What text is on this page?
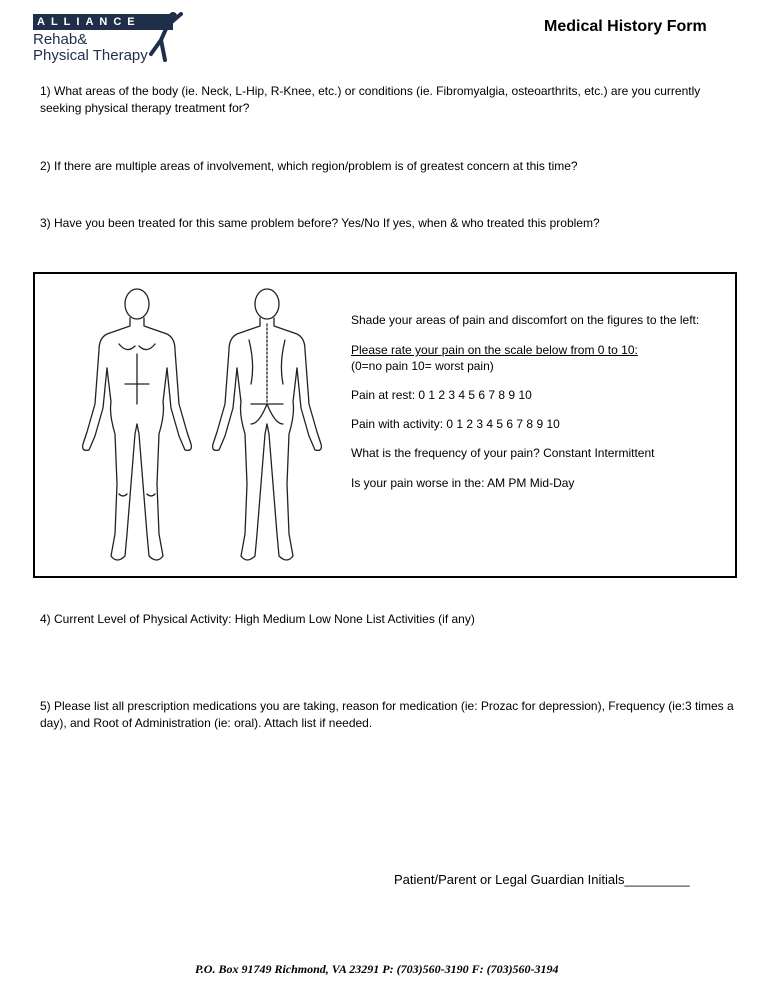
ALLIANCE
Rehab&
Physical Therapy
Medical History Form
1) What areas of the body (ie. Neck, L-Hip, R-Knee, etc.) or conditions (ie. Fibromyalgia, osteoarthrits, etc.) are you currently seeking physical therapy treatment for?
2) If there are multiple areas of involvement, which region/problem is of greatest concern at this time?
3) Have you been treated for this same problem before? Yes/No If yes, when & who treated this problem?
Shade your areas of pain and discomfort on the figures to the left:
Please rate your pain on the scale below from 0 to 10:
(0=no pain 10= worst pain)
Pain at rest: 0 1 2 3 4 5 6 7 8 9 10
Pain with activity: 0 1 2 3 4 5 6 7 8 9 10
What is the frequency of your pain? Constant Intermittent
Is your pain worse in the: AM PM Mid-Day
4) Current Level of Physical Activity: High Medium Low None List Activities (if any)
5) Please list all prescription medications you are taking, reason for medication (ie: Prozac for depression), Frequency (ie:3 times a day), and Root of Administration (ie: oral). Attach list if needed.
Patient/Parent or Legal Guardian Initials_________
P.O. Box 91749 Richmond, VA 23291 P: (703)560-3190 F: (703)560-3194
